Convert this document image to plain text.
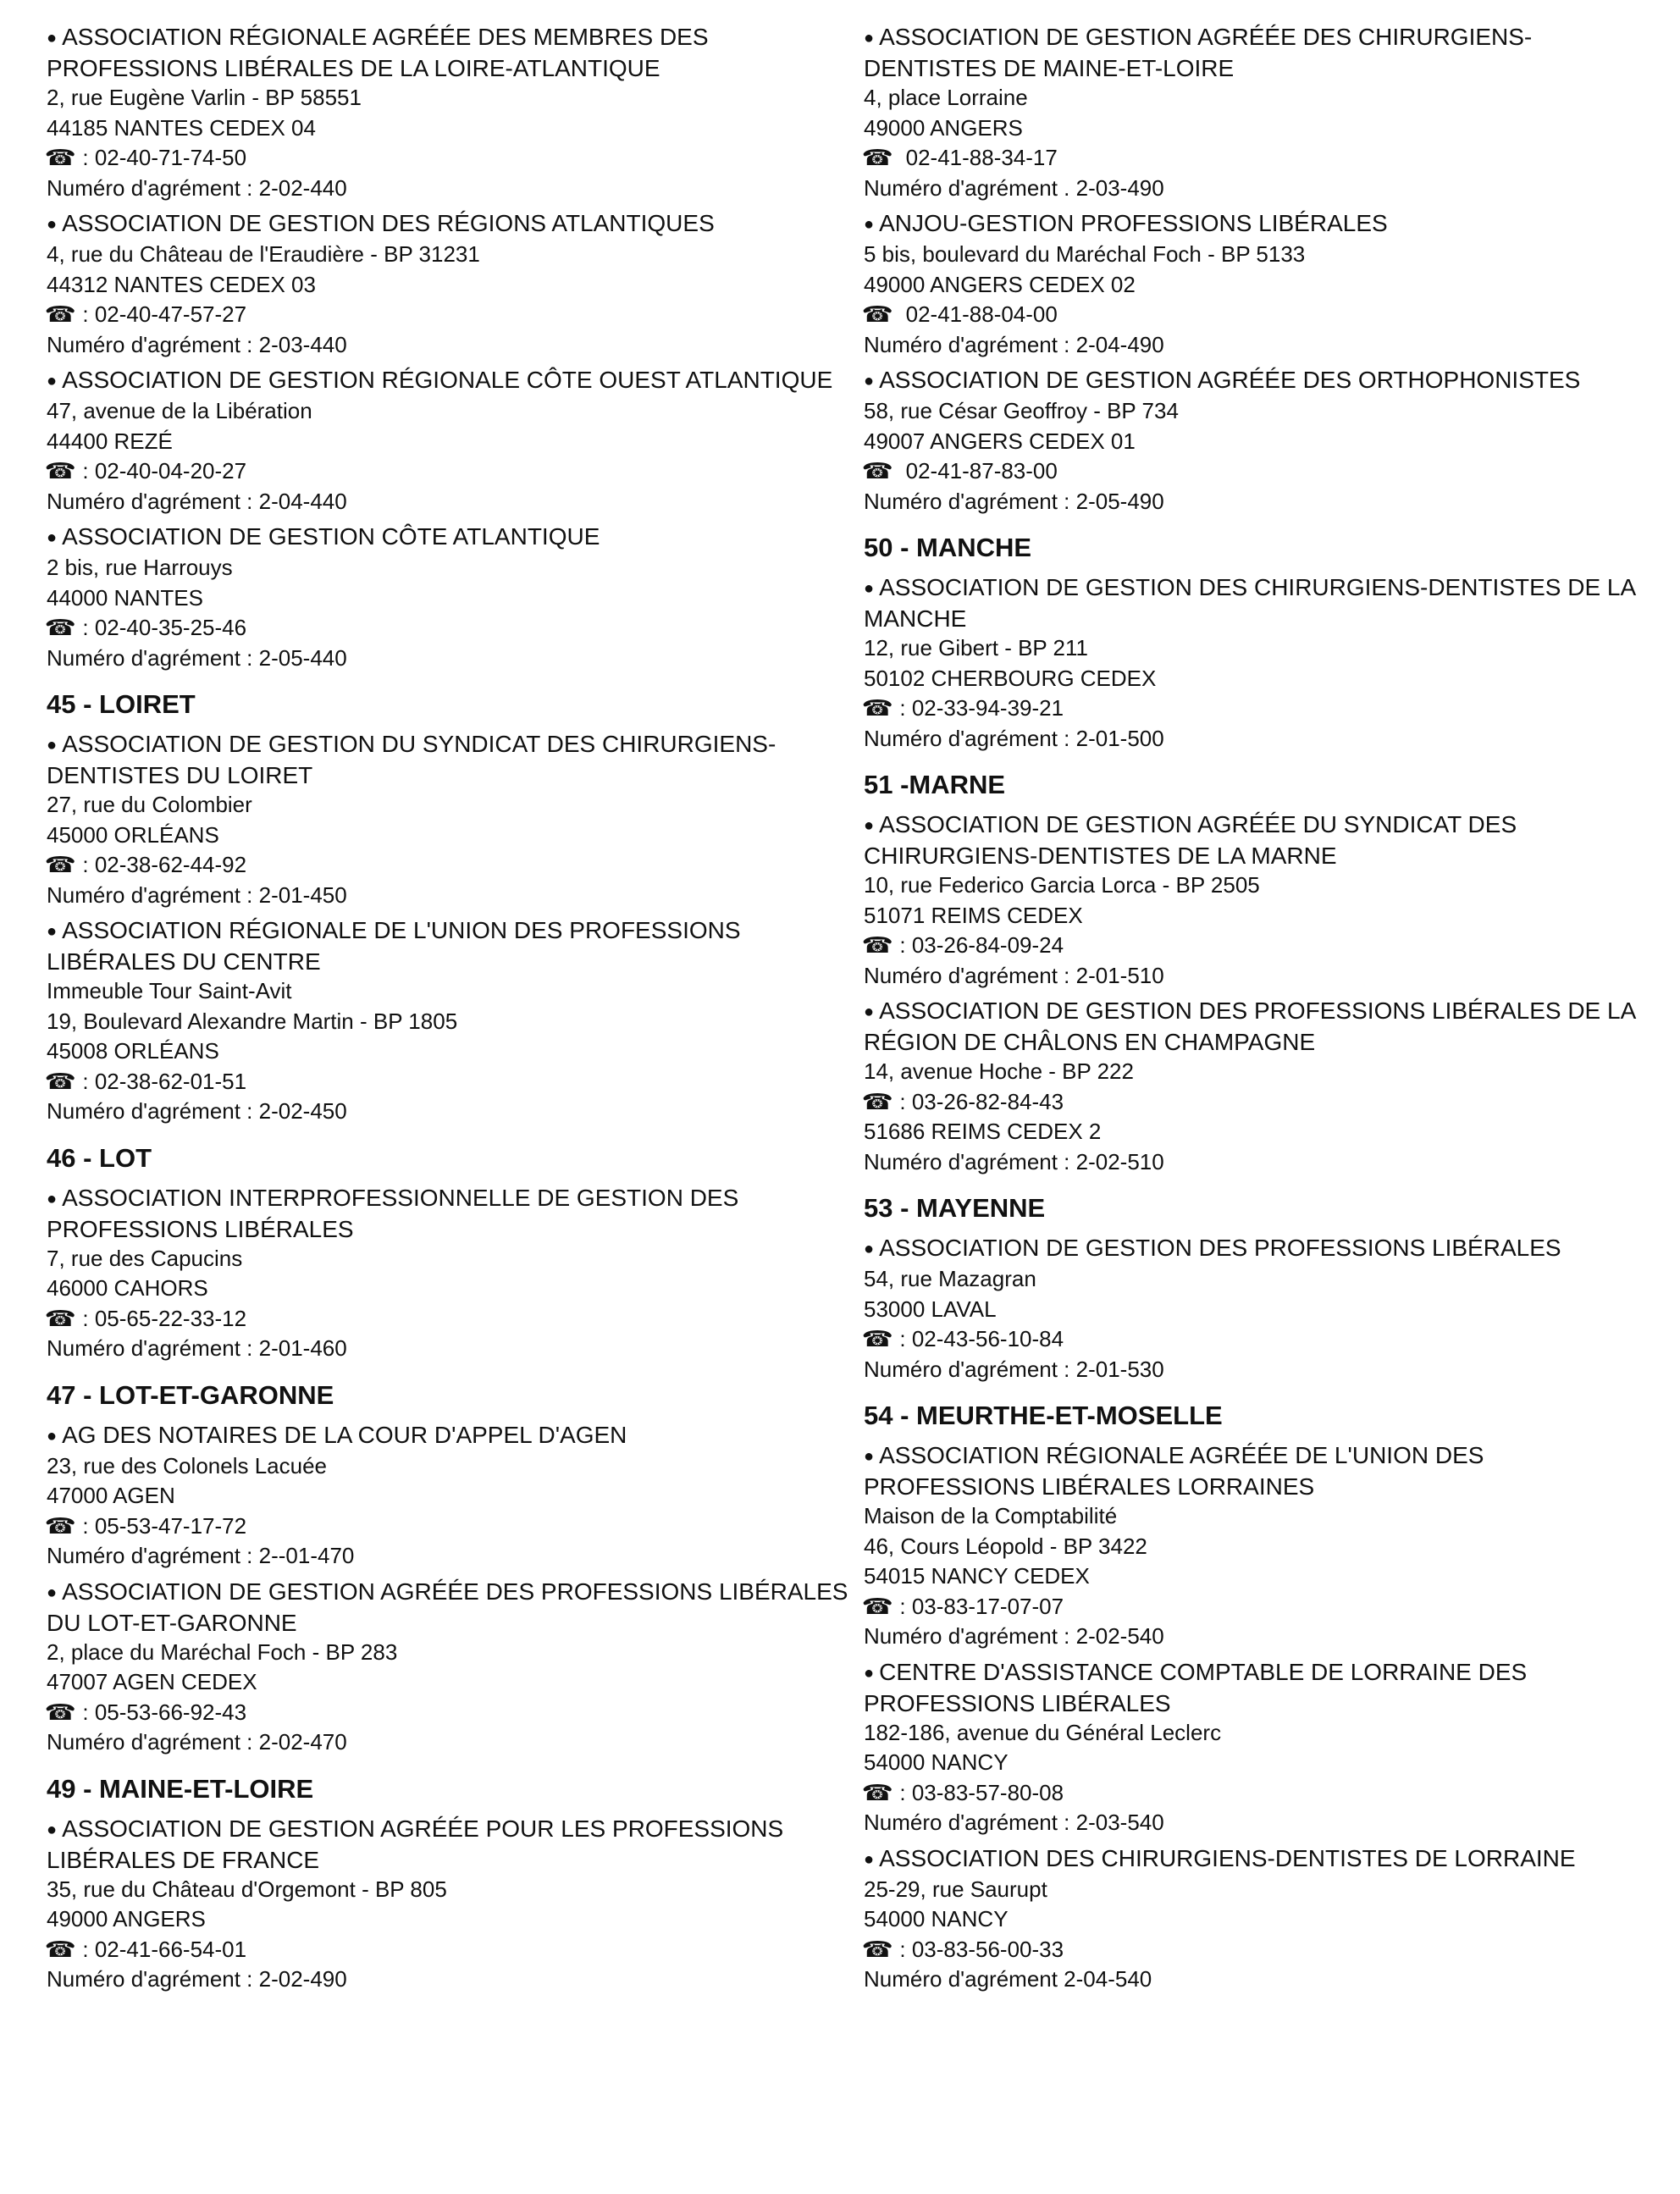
● ASSOCIATION RÉGIONALE AGRÉÉE DES MEMBRES DES PROFESSIONS LIBÉRALES DE LA LOIRE-ATLANTIQUE
2, rue Eugène Varlin - BP 58551
44185 NANTES CEDEX 04
☎ : 02-40-71-74-50
Numéro d'agrément : 2-02-440
● ASSOCIATION DE GESTION DES RÉGIONS ATLANTIQUES
4, rue du Château de l'Eraudière - BP 31231
44312 NANTES CEDEX 03
☎ : 02-40-47-57-27
Numéro d'agrément : 2-03-440
● ASSOCIATION DE GESTION RÉGIONALE CÔTE OUEST ATLANTIQUE
47, avenue de la Libération
44400 REZÉ
☎ : 02-40-04-20-27
Numéro d'agrément : 2-04-440
● ASSOCIATION DE GESTION CÔTE ATLANTIQUE
2 bis, rue Harrouys
44000 NANTES
☎ : 02-40-35-25-46
Numéro d'agrément : 2-05-440
45 - LOIRET
● ASSOCIATION DE GESTION DU SYNDICAT DES CHIRURGIENS-DENTISTES DU LOIRET
27, rue du Colombier
45000 ORLÉANS
☎ : 02-38-62-44-92
Numéro d'agrément : 2-01-450
● ASSOCIATION RÉGIONALE DE L'UNION DES PROFESSIONS LIBÉRALES DU CENTRE
Immeuble Tour Saint-Avit
19, Boulevard Alexandre Martin - BP 1805
45008 ORLÉANS
☎ : 02-38-62-01-51
Numéro d'agrément : 2-02-450
46 - LOT
● ASSOCIATION INTERPROFESSIONNELLE DE GESTION DES PROFESSIONS LIBÉRALES
7, rue des Capucins
46000 CAHORS
☎ : 05-65-22-33-12
Numéro d'agrément : 2-01-460
47 - LOT-ET-GARONNE
● AG DES NOTAIRES DE LA COUR D'APPEL D'AGEN
23, rue des Colonels Lacuée
47000 AGEN
☎ : 05-53-47-17-72
Numéro d'agrément : 2--01-470
● ASSOCIATION DE GESTION AGRÉÉE DES PROFESSIONS LIBÉRALES DU LOT-ET-GARONNE
2, place du Maréchal Foch - BP 283
47007 AGEN CEDEX
☎ : 05-53-66-92-43
Numéro d'agrément : 2-02-470
49 - MAINE-ET-LOIRE
● ASSOCIATION DE GESTION AGRÉÉE POUR LES PROFESSIONS LIBÉRALES DE FRANCE
35, rue du Château d'Orgemont - BP 805
49000 ANGERS
☎ : 02-41-66-54-01
Numéro d'agrément : 2-02-490
● ASSOCIATION DE GESTION AGRÉÉE DES CHIRURGIENS-DENTISTES DE MAINE-ET-LOIRE
4, place Lorraine
49000 ANGERS
☎ 02-41-88-34-17
Numéro d'agrément . 2-03-490
● ANJOU-GESTION PROFESSIONS LIBÉRALES
5 bis, boulevard du Maréchal Foch - BP 5133
49000 ANGERS CEDEX 02
☎ 02-41-88-04-00
Numéro d'agrément : 2-04-490
● ASSOCIATION DE GESTION AGRÉÉE DES ORTHOPHONISTES
58, rue César Geoffroy - BP 734
49007 ANGERS CEDEX 01
☎ 02-41-87-83-00
Numéro d'agrément : 2-05-490
50 - MANCHE
● ASSOCIATION DE GESTION DES CHIRURGIENS-DENTISTES DE LA MANCHE
12, rue Gibert - BP 211
50102 CHERBOURG CEDEX
☎ : 02-33-94-39-21
Numéro d'agrément : 2-01-500
51 -MARNE
● ASSOCIATION DE GESTION AGRÉÉE DU SYNDICAT DES CHIRURGIENS-DENTISTES DE LA MARNE
10, rue Federico Garcia Lorca - BP 2505
51071 REIMS CEDEX
☎ : 03-26-84-09-24
Numéro d'agrément : 2-01-510
● ASSOCIATION DE GESTION DES PROFESSIONS LIBÉRALES DE LA RÉGION DE CHÂLONS EN CHAMPAGNE
14, avenue Hoche - BP 222
☎ : 03-26-82-84-43
51686 REIMS CEDEX 2
Numéro d'agrément : 2-02-510
53 - MAYENNE
● ASSOCIATION DE GESTION DES PROFESSIONS LIBÉRALES
54, rue Mazagran
53000 LAVAL
☎ : 02-43-56-10-84
Numéro d'agrément : 2-01-530
54 - MEURTHE-ET-MOSELLE
● ASSOCIATION RÉGIONALE AGRÉÉE DE L'UNION DES PROFESSIONS LIBÉRALES LORRAINES
Maison de la Comptabilité
46, Cours Léopold - BP 3422
54015 NANCY CEDEX
☎ : 03-83-17-07-07
Numéro d'agrément : 2-02-540
● CENTRE D'ASSISTANCE COMPTABLE DE LORRAINE DES PROFESSIONS LIBÉRALES
182-186, avenue du Général Leclerc
54000 NANCY
☎ : 03-83-57-80-08
Numéro d'agrément : 2-03-540
● ASSOCIATION DES CHIRURGIENS-DENTISTES DE LORRAINE
25-29, rue Saurupt
54000 NANCY
☎ : 03-83-56-00-33
Numéro d'agrément 2-04-540
